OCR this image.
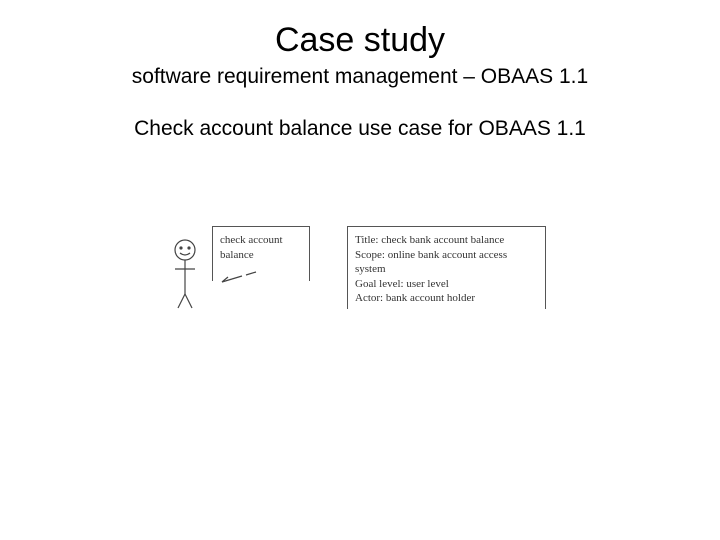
Case study
software requirement management – OBAAS 1.1
Check account balance use case for OBAAS 1.1
check account
balance
Title: check bank account balance
Scope: online bank account access
system
Goal level: user level
Actor: bank account holder
